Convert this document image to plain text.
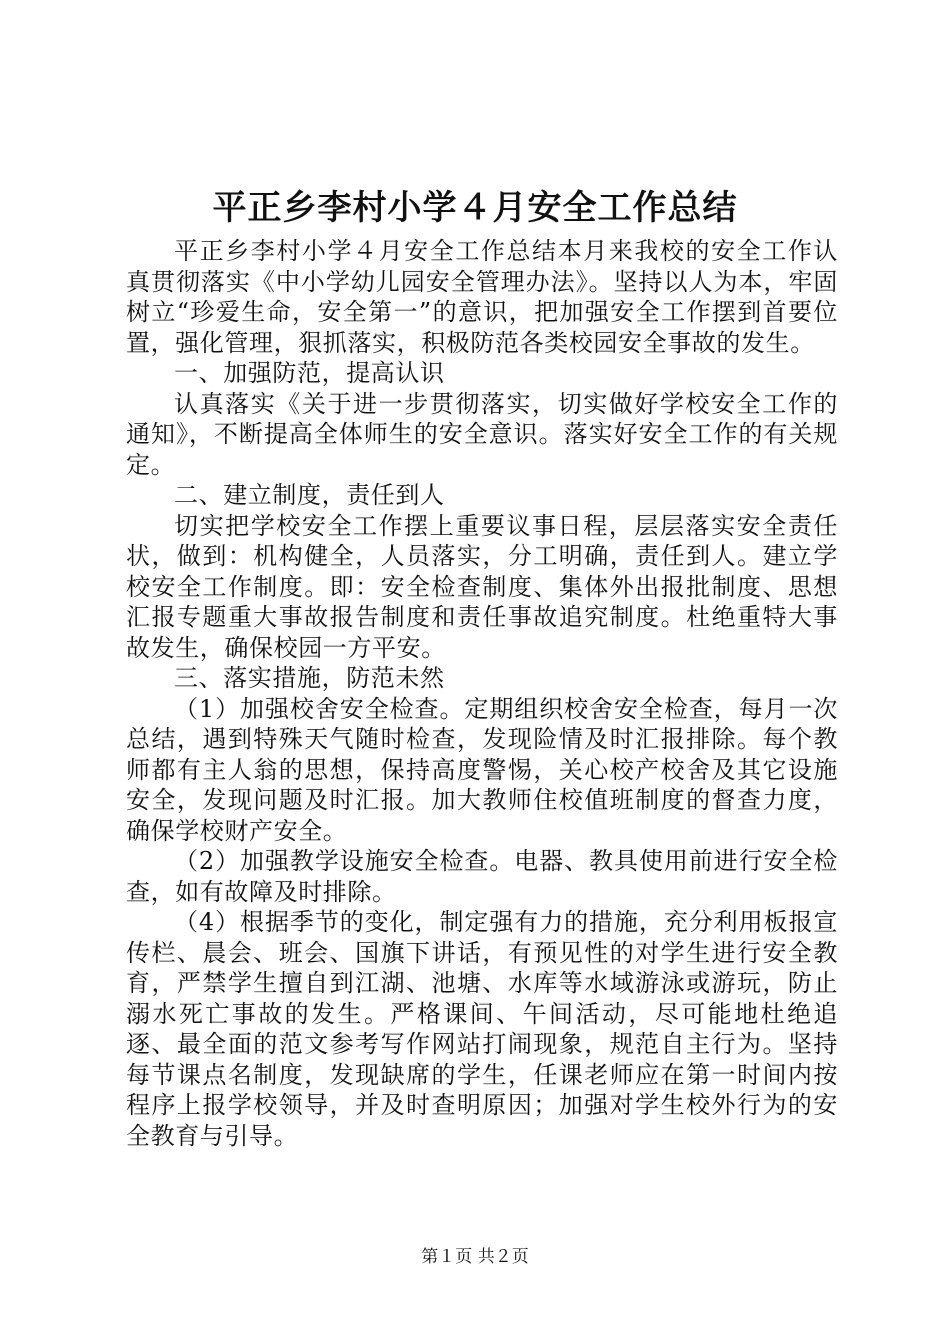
平正乡李村小学４月安全工作总结

平正乡李村小学４月安全工作总结本月来我校的安全工作认真贯彻落实《中小学幼儿园安全管理办法》。坚持以人为本，牢固树立“珍爱生命，安全第一”的意识，把加强安全工作摆到首要位置，强化管理，狠抓落实，积极防范各类校园安全事故的发生。

一、加强防范，提高认识

认真落实《关于进一步贯彻落实，切实做好学校安全工作的通知》，不断提高全体师生的安全意识。落实好安全工作的有关规定。

二、建立制度，责任到人

切实把学校安全工作摆上重要议事日程，层层落实安全责任状，做到：机构健全，人员落实，分工明确，责任到人。建立学校安全工作制度。即：安全检查制度、集体外出报批制度、思想汇报专题重大事故报告制度和责任事故追究制度。杜绝重特大事故发生，确保校园一方平安。

三、落实措施，防范未然

（1）加强校舍安全检查。定期组织校舍安全检查，每月一次总结，遇到特殊天气随时检查，发现险情及时汇报排除。每个教师都有主人翁的思想，保持高度警惕，关心校产校舍及其它设施安全，发现问题及时汇报。加大教师住校值班制度的督查力度，确保学校财产安全。

（2）加强教学设施安全检查。电器、教具使用前进行安全检查，如有故障及时排除。

（4）根据季节的变化，制定强有力的措施，充分利用板报宣传栏、晨会、班会、国旗下讲话，有预见性的对学生进行安全教育，严禁学生擅自到江湖、池塘、水库等水域游泳或游玩，防止溺水死亡事故的发生。严格课间、午间活动，尽可能地杜绝追逐、最全面的范文参考写作网站打闹现象，规范自主行为。坚持每节课点名制度，发现缺席的学生，任课老师应在第一时间内按程序上报学校领导，并及时查明原因；加强对学生校外行为的安全教育与引导。

第１页 共２页
